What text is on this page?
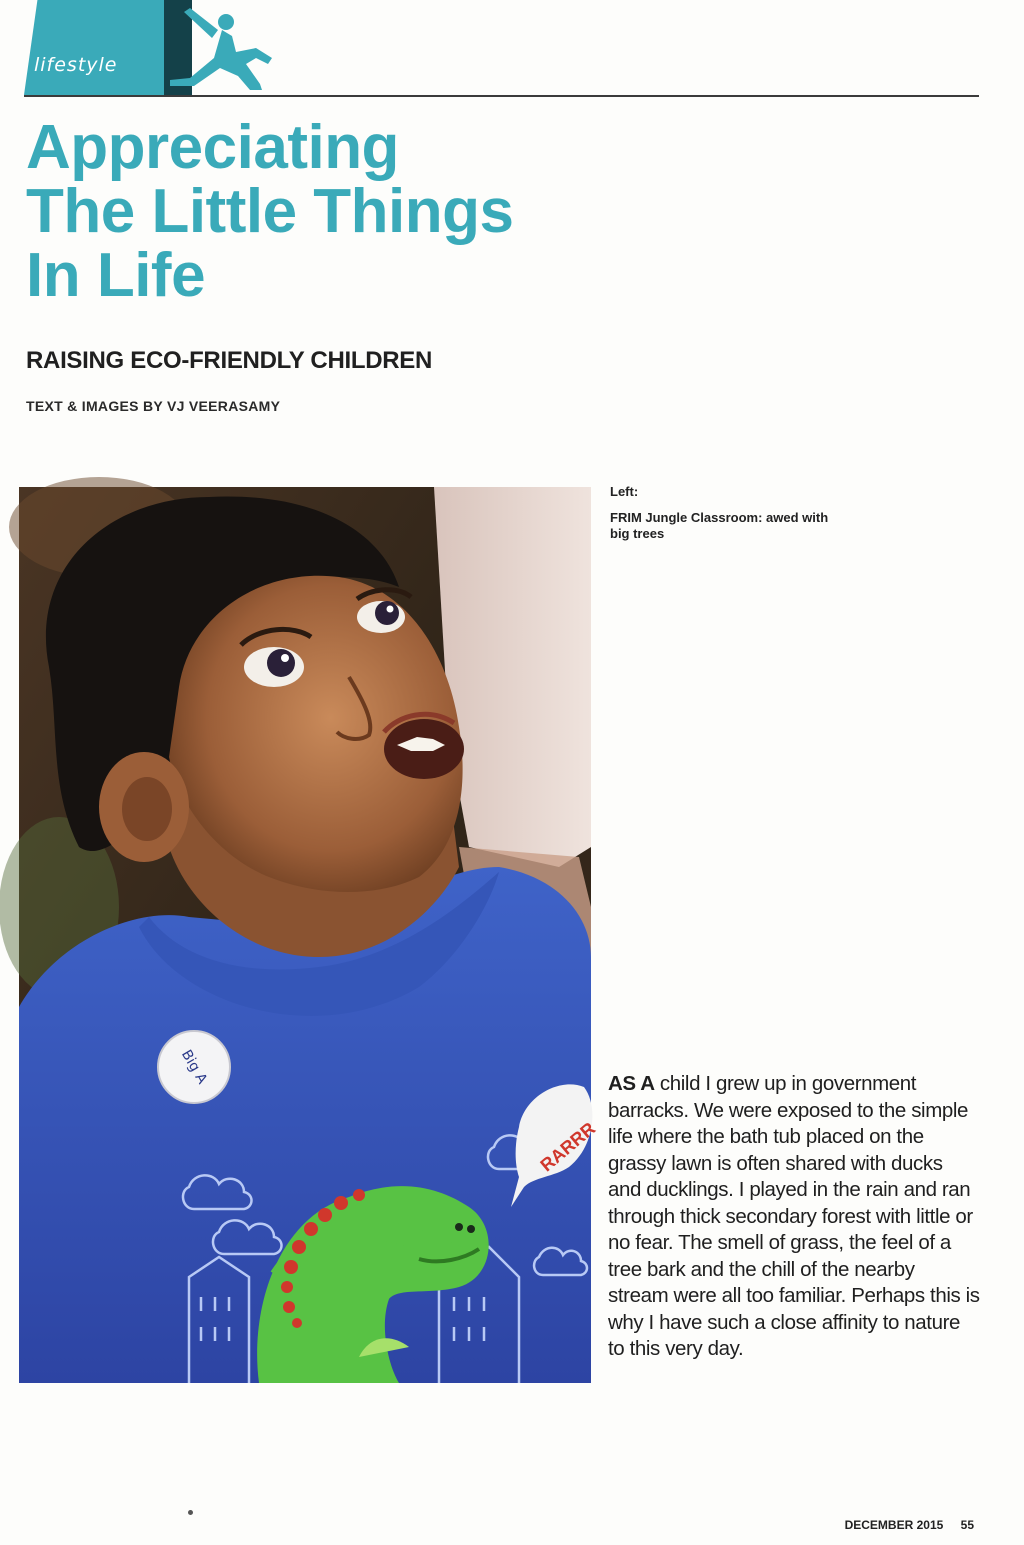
lifestyle
Appreciating
The Little Things
In Life
RAISING ECO-FRIENDLY CHILDREN

TEXT & IMAGES BY VJ VEERASAMY

Big A
RARRR
Left:
FRIM Jungle Classroom: awed with big trees

AS A child I grew up in government barracks. We were exposed to the simple life where the bath tub placed on the grassy lawn is often shared with ducks and ducklings. I played in the rain and ran through thick secondary forest with little or no fear. The smell of grass, the feel of a tree bark and the chill of the nearby stream were all too familiar. Perhaps this is why I have such a close affinity to nature to this very day.

DECEMBER 2015 55
